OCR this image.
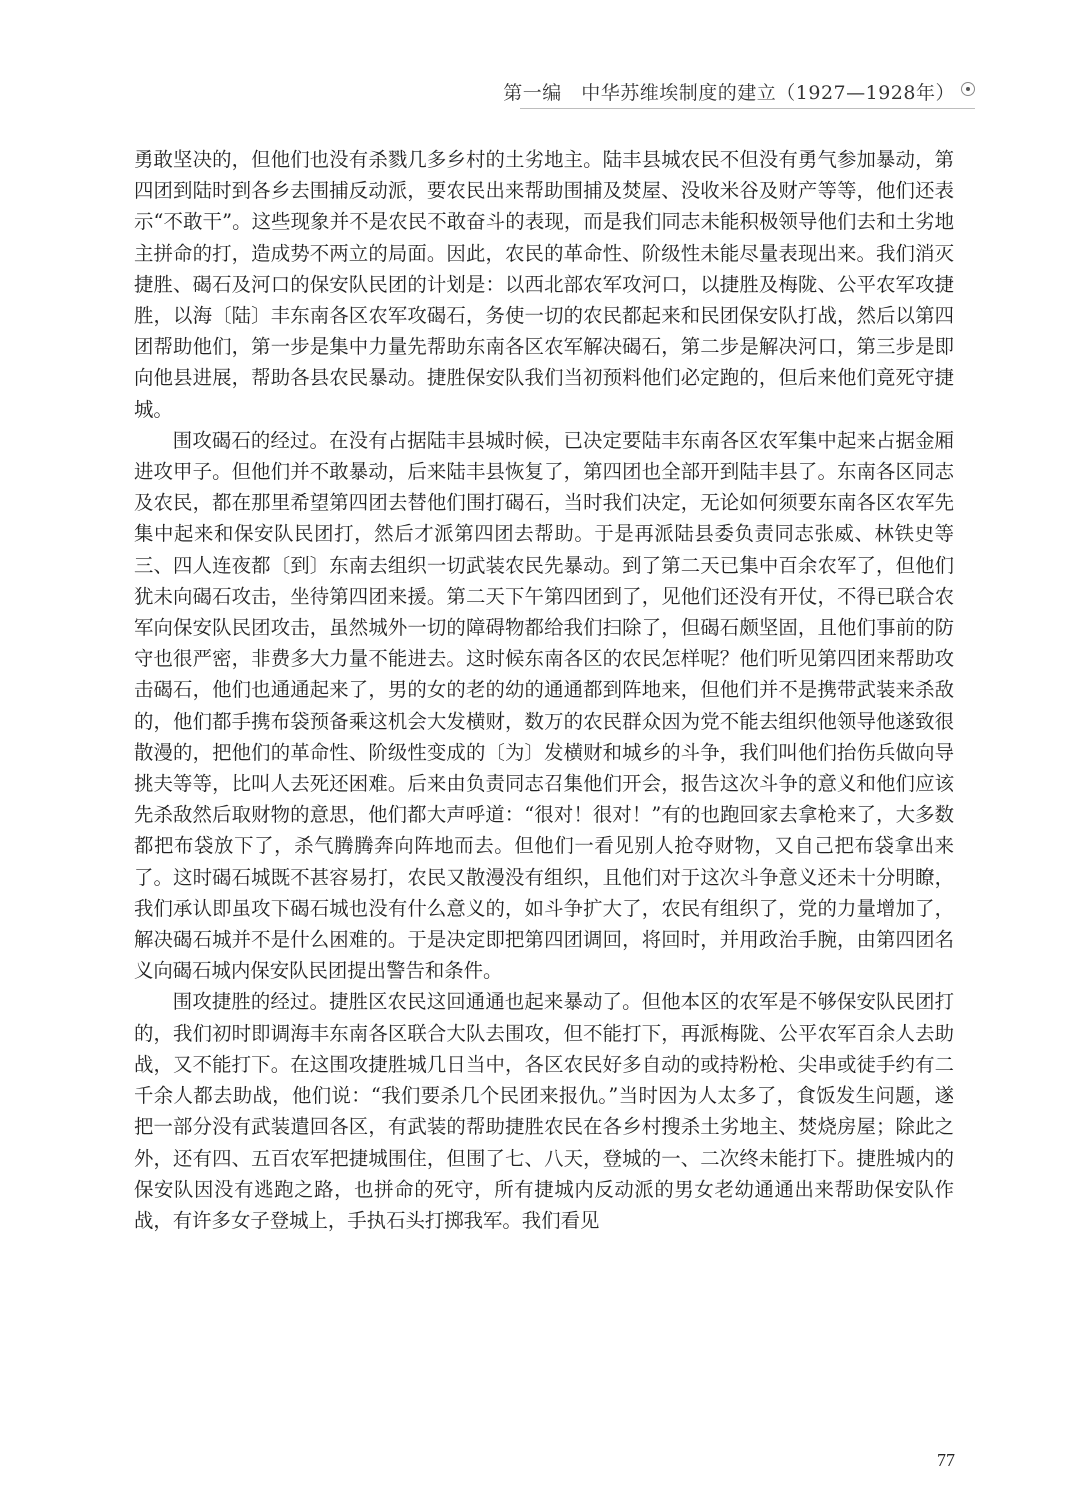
第一编　中华苏维埃制度的建立（1927—1928年）

勇敢坚决的，但他们也没有杀戮几多乡村的土劣地主。陆丰县城农民不但没有勇气参加暴动，第四团到陆时到各乡去围捕反动派，要农民出来帮助围捕及焚屋、没收米谷及财产等等，他们还表示“不敢干”。这些现象并不是农民不敢奋斗的表现，而是我们同志未能积极领导他们去和土劣地主拼命的打，造成势不两立的局面。因此，农民的革命性、阶级性未能尽量表现出来。我们消灭捷胜、碣石及河口的保安队民团的计划是：以西北部农军攻河口，以捷胜及梅陇、公平农军攻捷胜，以海〔陆〕丰东南各区农军攻碣石，务使一切的农民都起来和民团保安队打战，然后以第四团帮助他们，第一步是集中力量先帮助东南各区农军解决碣石，第二步是解决河口，第三步是即向他县进展，帮助各县农民暴动。捷胜保安队我们当初预料他们必定跑的，但后来他们竟死守捷城。

围攻碣石的经过。在没有占据陆丰县城时候，已决定要陆丰东南各区农军集中起来占据金厢进攻甲子。但他们并不敢暴动，后来陆丰县恢复了，第四团也全部开到陆丰县了。东南各区同志及农民，都在那里希望第四团去替他们围打碣石，当时我们决定，无论如何须要东南各区农军先集中起来和保安队民团打，然后才派第四团去帮助。于是再派陆县委负责同志张威、林铁史等三、四人连夜都〔到〕东南去组织一切武装农民先暴动。到了第二天已集中百余农军了，但他们犹未向碣石攻击，坐待第四团来援。第二天下午第四团到了，见他们还没有开仗，不得已联合农军向保安队民团攻击，虽然城外一切的障碍物都给我们扫除了，但碣石颇坚固，且他们事前的防守也很严密，非费多大力量不能进去。这时候东南各区的农民怎样呢？他们听见第四团来帮助攻击碣石，他们也通通起来了，男的女的老的幼的通通都到阵地来，但他们并不是携带武装来杀敌的，他们都手携布袋预备乘这机会大发横财，数万的农民群众因为党不能去组织他领导他遂致很散漫的，把他们的革命性、阶级性变成的〔为〕发横财和城乡的斗争，我们叫他们抬伤兵做向导挑夫等等，比叫人去死还困难。后来由负责同志召集他们开会，报告这次斗争的意义和他们应该先杀敌然后取财物的意思，他们都大声呼道：“很对！很对！”有的也跑回家去拿枪来了，大多数都把布袋放下了，杀气腾腾奔向阵地而去。但他们一看见别人抢夺财物，又自己把布袋拿出来了。这时碣石城既不甚容易打，农民又散漫没有组织，且他们对于这次斗争意义还未十分明瞭，我们承认即虽攻下碣石城也没有什么意义的，如斗争扩大了，农民有组织了，党的力量增加了，解决碣石城并不是什么困难的。于是决定即把第四团调回，将回时，并用政治手腕，由第四团名义向碣石城内保安队民团提出警告和条件。

围攻捷胜的经过。捷胜区农民这回通通也起来暴动了。但他本区的农军是不够保安队民团打的，我们初时即调海丰东南各区联合大队去围攻，但不能打下，再派梅陇、公平农军百余人去助战，又不能打下。在这围攻捷胜城几日当中，各区农民好多自动的或持粉枪、尖串或徒手约有二千余人都去助战，他们说：“我们要杀几个民团来报仇。”当时因为人太多了，食饭发生问题，遂把一部分没有武装遣回各区，有武装的帮助捷胜农民在各乡村搜杀土劣地主、焚烧房屋；除此之外，还有四、五百农军把捷城围住，但围了七、八天，登城的一、二次终未能打下。捷胜城内的保安队因没有逃跑之路，也拼命的死守，所有捷城内反动派的男女老幼通通出来帮助保安队作战，有许多女子登城上，手执石头打掷我军。我们看见

77
